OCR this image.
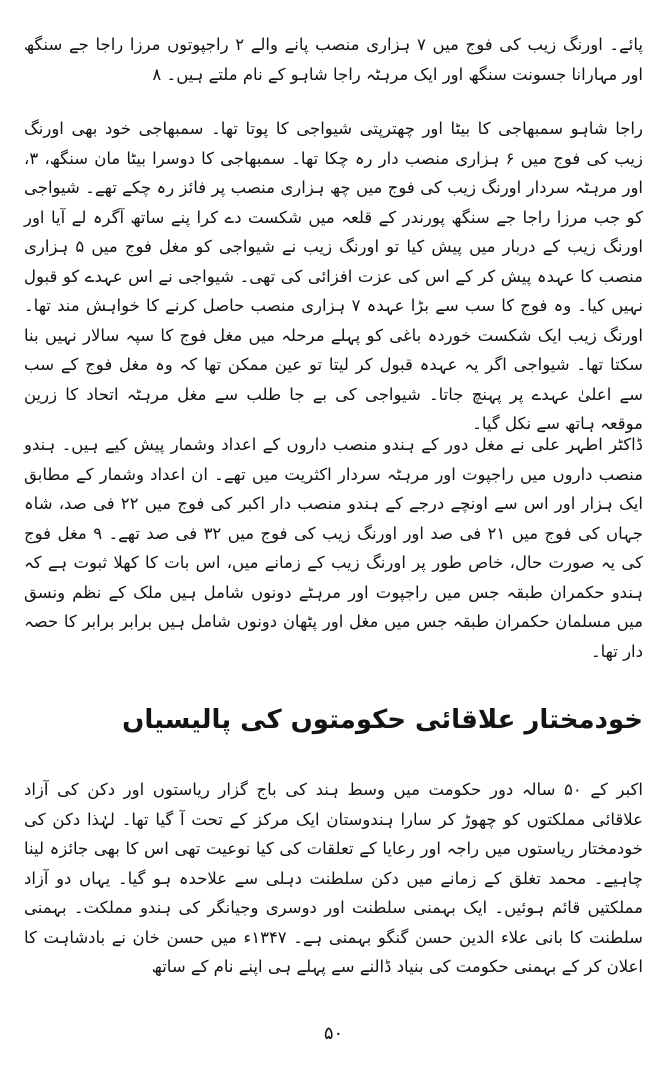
پائے۔ اورنگ زیب کی فوج میں ۷ ہزاری منصب پانے والے ۲ راجپوتوں مرزا راجا جے سنگھ اور مہارانا جسونت سنگھ اور ایک مرہٹہ راجا شاہو کے نام ملتے ہیں۔ ۸

راجا شاہو سمبھاجی کا بیٹا اور چھترپتی شیواجی کا پوتا تھا۔ سمبھاجی خود بھی اورنگ زیب کی فوج میں ۶ ہزاری منصب دار رہ چکا تھا۔ سمبھاجی کا دوسرا بیٹا مان سنگھ، ۳، اور مرہٹہ سردار اورنگ زیب کی فوج میں چھ ہزاری منصب پر فائز رہ چکے تھے۔ شیواجی کو جب مرزا راجا جے سنگھ پورندر کے قلعہ میں شکست دے کرا پنے ساتھ آگرہ لے آیا اور اورنگ زیب کے دربار میں پیش کیا تو اورنگ زیب نے شیواجی کو مغل فوج میں ۵ ہزاری منصب کا عہدہ پیش کر کے اس کی عزت افزائی کی تھی۔ شیواجی نے اس عہدے کو قبول نہیں کیا۔ وہ فوج کا سب سے بڑا عہدہ ۷ ہزاری منصب حاصل کرنے کا خواہش مند تھا۔ اورنگ زیب ایک شکست خوردہ باغی کو پہلے مرحلہ میں مغل فوج کا سپہ سالار نہیں بنا سکتا تھا۔ شیواجی اگر یہ عہدہ قبول کر لیتا تو عین ممکن تھا کہ وہ مغل فوج کے سب سے اعلیٰ عہدے پر پہنچ جاتا۔ شیواجی کی بے جا طلب سے مغل مرہٹہ اتحاد کا زرین موقعہ ہاتھ سے نکل گیا۔

ڈاکٹر اطہر علی نے مغل دور کے ہندو منصب داروں کے اعداد وشمار پیش کیے ہیں۔ ہندو منصب داروں میں راجپوت اور مرہٹہ سردار اکثریت میں تھے۔ ان اعداد وشمار کے مطابق ایک ہزار اور اس سے اونچے درجے کے ہندو منصب دار اکبر کی فوج میں ۲۲ فی صد، شاہ جہاں کی فوج میں ۲۱ فی صد اور اورنگ زیب کی فوج میں ۳۲ فی صد تھے۔ ۹ مغل فوج کی یہ صورت حال، خاص طور پر اورنگ زیب کے زمانے میں، اس بات کا کھلا ثبوت ہے کہ ہندو حکمران طبقہ جس میں راجپوت اور مرہٹے دونوں شامل ہیں ملک کے نظم ونسق میں مسلمان حکمران طبقہ جس میں مغل اور پٹھان دونوں شامل ہیں برابر برابر کا حصہ دار تھا۔

خودمختار علاقائی حکومتوں کی پالیسیاں

اکبر کے ۵۰ سالہ دور حکومت میں وسط ہند کی باج گزار ریاستوں اور دکن کی آزاد علاقائی مملکتوں کو چھوڑ کر سارا ہندوستان ایک مرکز کے تحت آ گیا تھا۔ لہٰذا دکن کی خودمختار ریاستوں میں راجہ اور رعایا کے تعلقات کی کیا نوعیت تھی اس کا بھی جائزہ لینا چاہیے۔ محمد تغلق کے زمانے میں دکن سلطنت دہلی سے علاحدہ ہو گیا۔ یہاں دو آزاد مملکتیں قائم ہوئیں۔ ایک بہمنی سلطنت اور دوسری وجیانگر کی ہندو مملکت۔ بہمنی سلطنت کا بانی علاء الدین حسن گنگو بہمنی ہے۔ ۱۳۴۷ء میں حسن خان نے بادشاہت کا اعلان کر کے بہمنی حکومت کی بنیاد ڈالنے سے پہلے ہی اپنے نام کے ساتھ

۵۰
